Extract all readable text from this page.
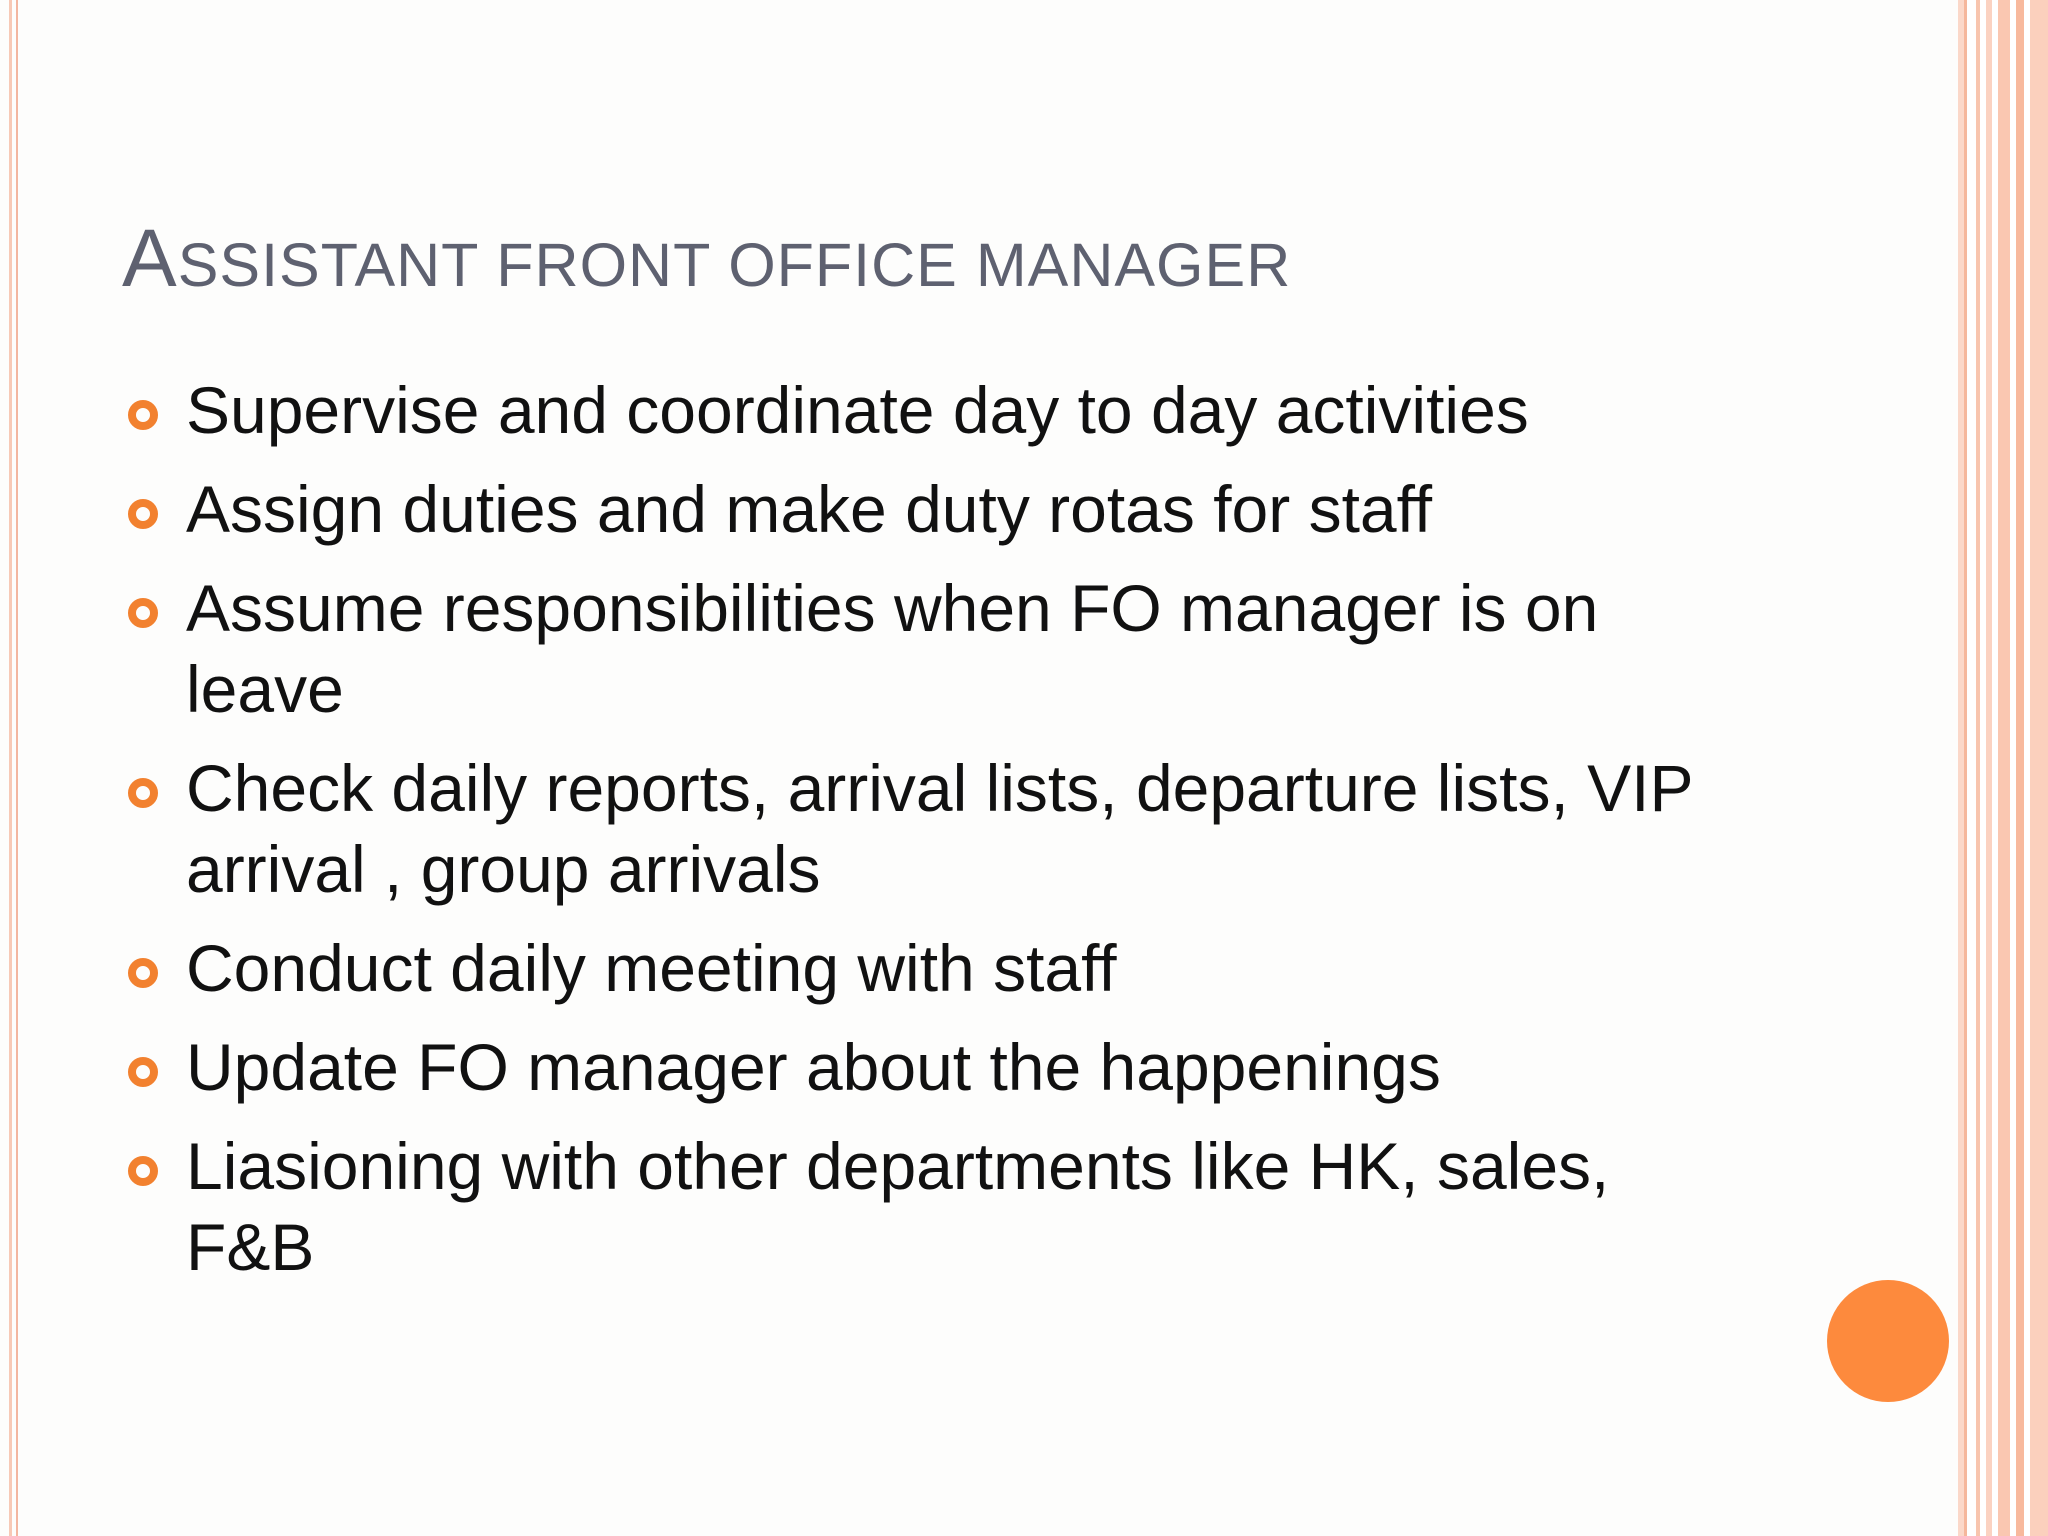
ASSISTANT FRONT OFFICE MANAGER
Supervise and coordinate day to day activities
Assign duties and make duty rotas for staff
Assume responsibilities when FO manager is on leave
Check daily reports, arrival lists, departure lists, VIP arrival , group arrivals
Conduct daily meeting with staff
Update FO manager about the happenings
Liasioning with other departments like HK, sales, F&B
